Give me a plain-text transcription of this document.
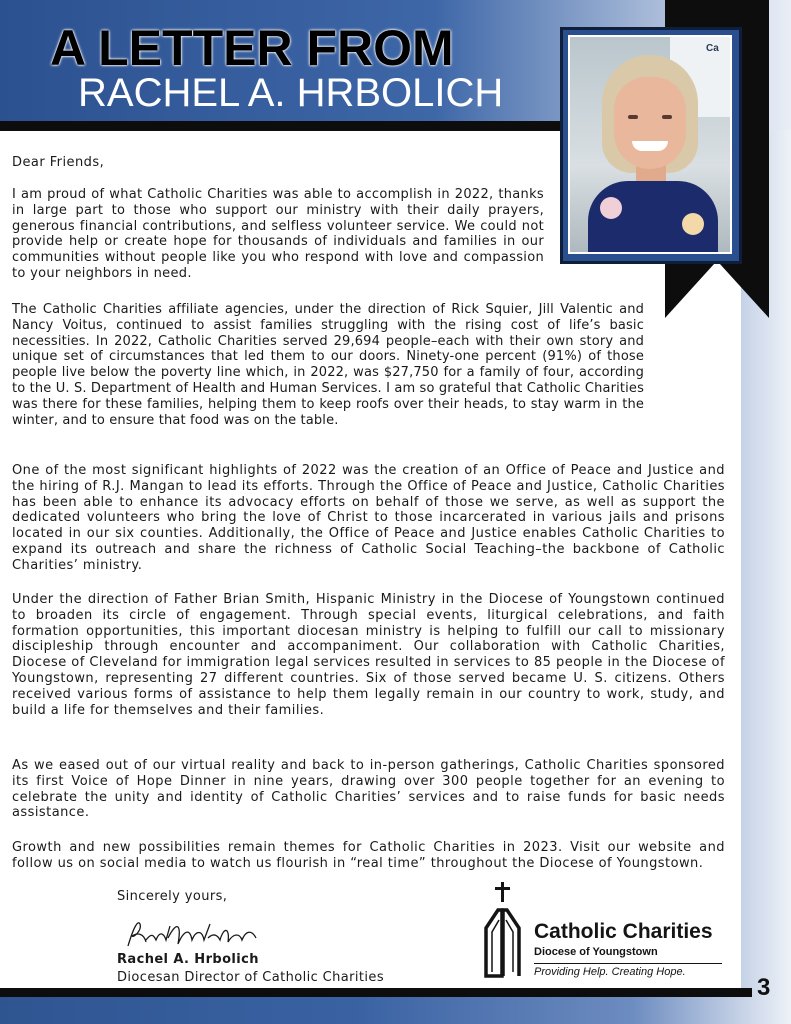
A LETTER FROM
RACHEL A. HRBOLICH
Ca

Dear Friends,

I am proud of what Catholic Charities was able to accomplish in 2022, thanks in large part to those who support our ministry with their daily prayers, generous financial contributions, and selfless volunteer service. We could not provide help or create hope for thousands of individuals and families in our communities without people like you who respond with love and compassion to your neighbors in need.

The Catholic Charities affiliate agencies, under the direction of Rick Squier, Jill Valentic and Nancy Voitus, continued to assist families struggling with the rising cost of life’s basic necessities. In 2022, Catholic Charities served 29,694 people–each with their own story and unique set of circumstances that led them to our doors. Ninety-one percent (91%) of those people live below the poverty line which, in 2022, was $27,750 for a family of four, according to the U. S. Department of Health and Human Services. I am so grateful that Catholic Charities was there for these families, helping them to keep roofs over their heads, to stay warm in the winter, and to ensure that food was on the table.

One of the most significant highlights of 2022 was the creation of an Office of Peace and Justice and the hiring of R.J. Mangan to lead its efforts. Through the Office of Peace and Justice, Catholic Charities has been able to enhance its advocacy efforts on behalf of those we serve, as well as support the dedicated volunteers who bring the love of Christ to those incarcerated in various jails and prisons located in our six counties. Additionally, the Office of Peace and Justice enables Catholic Charities to expand its outreach and share the richness of Catholic Social Teaching–the backbone of Catholic Charities’ ministry.

Under the direction of Father Brian Smith, Hispanic Ministry in the Diocese of Youngstown continued to broaden its circle of engagement. Through special events, liturgical celebrations, and faith formation opportunities, this important diocesan ministry is helping to fulfill our call to missionary discipleship through encounter and accompaniment. Our collaboration with Catholic Charities, Diocese of Cleveland for immigration legal services resulted in services to 85 people in the Diocese of Youngstown, representing 27 different countries. Six of those served became U. S. citizens. Others received various forms of assistance to help them legally remain in our country to work, study, and build a life for themselves and their families.

As we eased out of our virtual reality and back to in-person gatherings, Catholic Charities sponsored its first Voice of Hope Dinner in nine years, drawing over 300 people together for an evening to celebrate the unity and identity of Catholic Charities’ services and to raise funds for basic needs assistance.

Growth and new possibilities remain themes for Catholic Charities in 2023. Visit our website and follow us on social media to watch us flourish in “real time” throughout the Diocese of Youngstown.

Sincerely yours,

Rachel A. Hrbolich

Diocesan Director of Catholic Charities

Catholic Charities

Diocese of Youngstown

Providing Help. Creating Hope.

3
